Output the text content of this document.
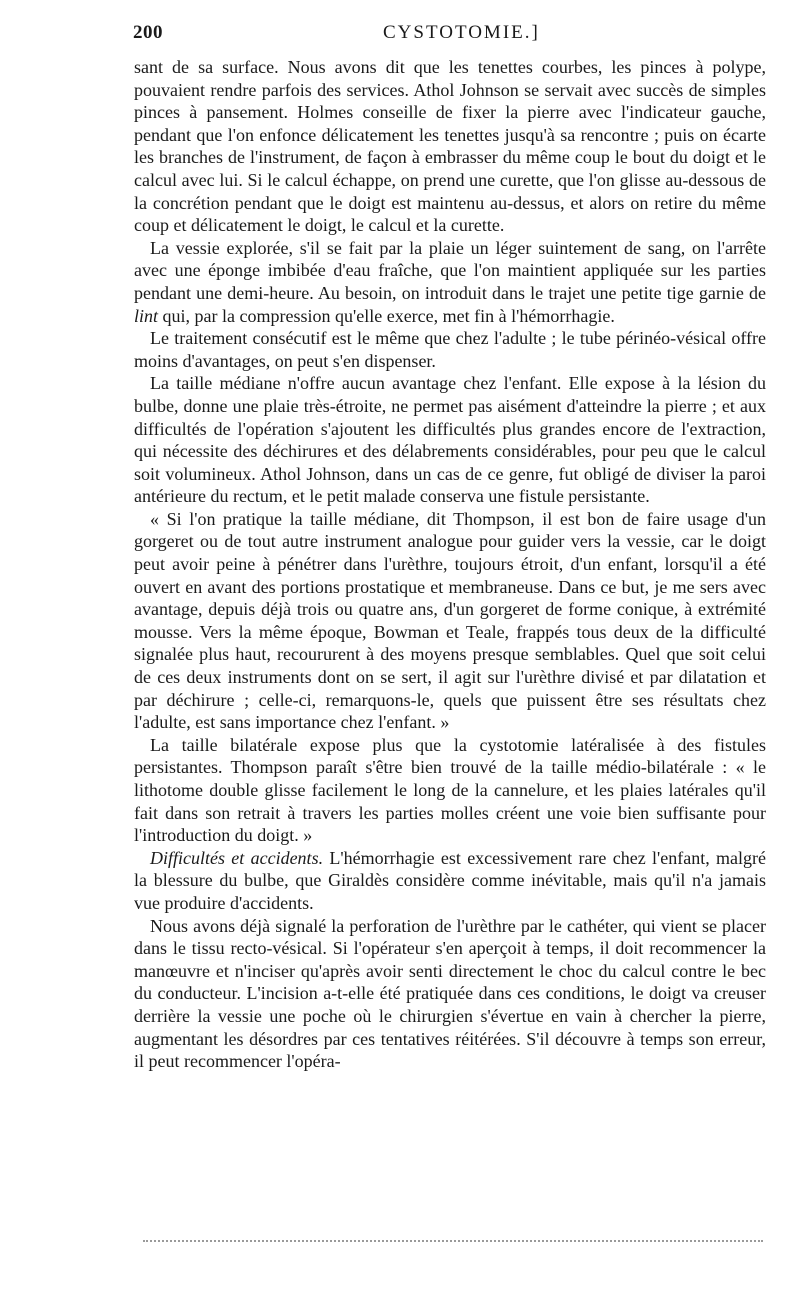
200	CYSTOTOMIE.]

sant de sa surface. Nous avons dit que les tenettes courbes, les pinces à polype, pouvaient rendre parfois des services. Athol Johnson se servait avec succès de simples pinces à pansement. Holmes conseille de fixer la pierre avec l'indicateur gauche, pendant que l'on enfonce délicatement les tenettes jusqu'à sa rencontre ; puis on écarte les branches de l'instrument, de façon à embrasser du même coup le bout du doigt et le calcul avec lui. Si le calcul échappe, on prend une curette, que l'on glisse au-dessous de la concrétion pendant que le doigt est maintenu au-dessus, et alors on retire du même coup et délicatement le doigt, le calcul et la curette.

La vessie explorée, s'il se fait par la plaie un léger suintement de sang, on l'arrête avec une éponge imbibée d'eau fraîche, que l'on maintient appliquée sur les parties pendant une demi-heure. Au besoin, on introduit dans le trajet une petite tige garnie de lint qui, par la compression qu'elle exerce, met fin à l'hémorrhagie.

Le traitement consécutif est le même que chez l'adulte ; le tube périnéo-vésical offre moins d'avantages, on peut s'en dispenser.

La taille médiane n'offre aucun avantage chez l'enfant. Elle expose à la lésion du bulbe, donne une plaie très-étroite, ne permet pas aisément d'atteindre la pierre ; et aux difficultés de l'opération s'ajoutent les difficultés plus grandes encore de l'extraction, qui nécessite des déchirures et des délabrements considérables, pour peu que le calcul soit volumineux. Athol Johnson, dans un cas de ce genre, fut obligé de diviser la paroi antérieure du rectum, et le petit malade conserva une fistule persistante.

« Si l'on pratique la taille médiane, dit Thompson, il est bon de faire usage d'un gorgeret ou de tout autre instrument analogue pour guider vers la vessie, car le doigt peut avoir peine à pénétrer dans l'urèthre, toujours étroit, d'un enfant, lorsqu'il a été ouvert en avant des portions prostatique et membraneuse. Dans ce but, je me sers avec avantage, depuis déjà trois ou quatre ans, d'un gorgeret de forme conique, à extrémité mousse. Vers la même époque, Bowman et Teale, frappés tous deux de la difficulté signalée plus haut, recoururent à des moyens presque semblables. Quel que soit celui de ces deux instruments dont on se sert, il agit sur l'urèthre divisé et par dilatation et par déchirure ; celle-ci, remarquons-le, quels que puissent être ses résultats chez l'adulte, est sans importance chez l'enfant. »

La taille bilatérale expose plus que la cystotomie latéralisée à des fistules persistantes. Thompson paraît s'être bien trouvé de la taille médio-bilatérale : « le lithotome double glisse facilement le long de la cannelure, et les plaies latérales qu'il fait dans son retrait à travers les parties molles créent une voie bien suffisante pour l'introduction du doigt. »

Difficultés et accidents. L'hémorrhagie est excessivement rare chez l'enfant, malgré la blessure du bulbe, que Giraldès considère comme inévitable, mais qu'il n'a jamais vue produire d'accidents.

Nous avons déjà signalé la perforation de l'urèthre par le cathéter, qui vient se placer dans le tissu recto-vésical. Si l'opérateur s'en aperçoit à temps, il doit recommencer la manœuvre et n'inciser qu'après avoir senti directement le choc du calcul contre le bec du conducteur. L'incision a-t-elle été pratiquée dans ces conditions, le doigt va creuser derrière la vessie une poche où le chirurgien s'évertue en vain à chercher la pierre, augmentant les désordres par ces tentatives réitérées. S'il découvre à temps son erreur, il peut recommencer l'opéra-
